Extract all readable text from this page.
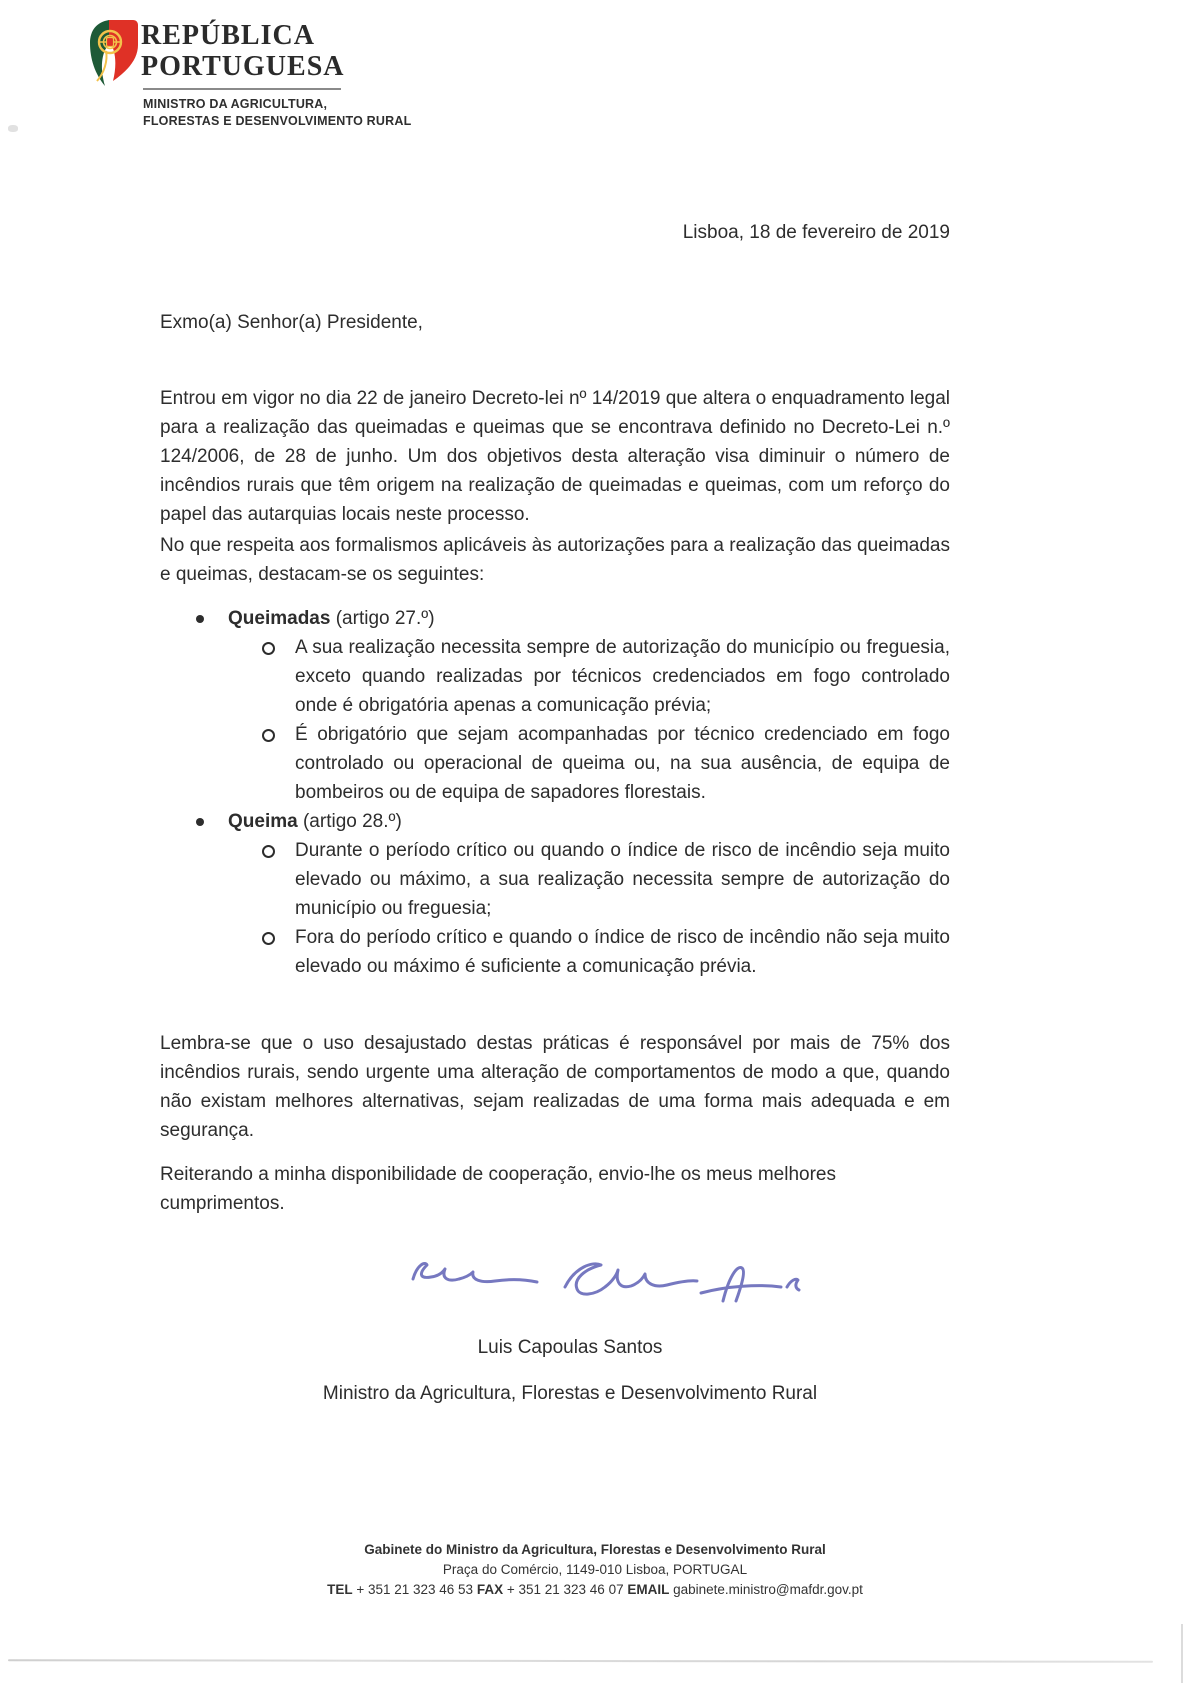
REPÚBLICA
PORTUGUESA
MINISTRO DA AGRICULTURA,
FLORESTAS E DESENVOLVIMENTO RURAL
Lisboa, 18 de fevereiro de 2019
Exmo(a) Senhor(a) Presidente,
Entrou em vigor no dia 22 de janeiro Decreto-lei nº 14/2019 que altera o enquadramento legal para a realização das queimadas e queimas que se encontrava definido no Decreto-Lei n.º 124/2006, de 28 de junho. Um dos objetivos desta alteração visa diminuir o número de incêndios rurais que têm origem na realização de queimadas e queimas, com um reforço do papel das autarquias locais neste processo.
No que respeita aos formalismos aplicáveis às autorizações para a realização das queimadas e queimas, destacam-se os seguintes:
Queimadas (artigo 27.º)
A sua realização necessita sempre de autorização do município ou freguesia, exceto quando realizadas por técnicos credenciados em fogo controlado onde é obrigatória apenas a comunicação prévia;
É obrigatório que sejam acompanhadas por técnico credenciado em fogo controlado ou operacional de queima ou, na sua ausência, de equipa de bombeiros ou de equipa de sapadores florestais.
Queima (artigo 28.º)
Durante o período crítico ou quando o índice de risco de incêndio seja muito elevado ou máximo, a sua realização necessita sempre de autorização do município ou freguesia;
Fora do período crítico e quando o índice de risco de incêndio não seja muito elevado ou máximo é suficiente a comunicação prévia.
Lembra-se que o uso desajustado destas práticas é responsável por mais de 75% dos incêndios rurais, sendo urgente uma alteração de comportamentos de modo a que, quando não existam melhores alternativas, sejam realizadas de uma forma mais adequada e em segurança.
Reiterando a minha disponibilidade de cooperação, envio-lhe os meus melhores cumprimentos.
Luis Capoulas Santos
Ministro da Agricultura, Florestas e Desenvolvimento Rural
Gabinete do Ministro da Agricultura, Florestas e Desenvolvimento Rural
Praça do Comércio, 1149-010 Lisboa, PORTUGAL
TEL + 351 21 323 46 53 FAX + 351 21 323 46 07 EMAIL gabinete.ministro@mafdr.gov.pt
